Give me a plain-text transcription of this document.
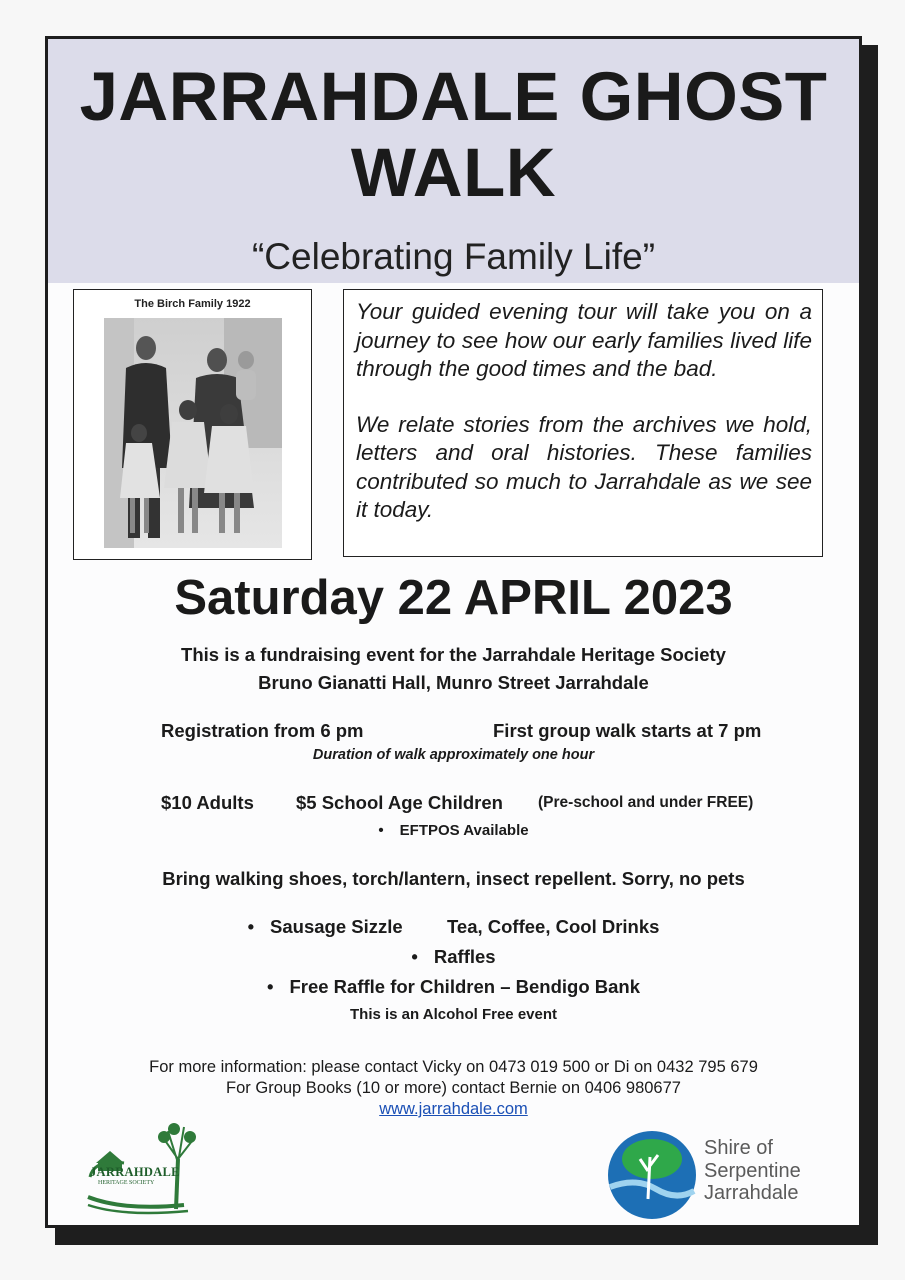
JARRAHDALE GHOST
WALK
“Celebrating Family Life”
The Birch Family 1922	Your guided evening tour will take you on a journey to see how our early families lived life through the good times and the bad.

We relate stories from the archives we hold, letters and oral histories. These families contributed so much to Jarrahdale as we see it today.

Saturday 22 APRIL 2023
This is a fundraising event for the Jarrahdale Heritage Society
Bruno Gianatti Hall, Munro Street Jarrahdale
Registration from 6 pm	First group walk starts at 7 pm
Duration of walk approximately one hour
$10 Adults $5 School Age Children (Pre-school and under FREE)
• EFTPOS Available
Bring walking shoes, torch/lantern, insect repellent. Sorry, no pets
• Sausage Sizzle Tea, Coffee, Cool Drinks
• Raffles
• Free Raffle for Children – Bendigo Bank
This is an Alcohol Free event
For more information: please contact Vicky on 0473 019 500 or Di on 0432 795 679
For Group Books (10 or more) contact Bernie on 0406 980677
www.jarrahdale.com
JARRAHDALE
HERITAGE SOCIETY
Shire of
Serpentine
Jarrahdale
